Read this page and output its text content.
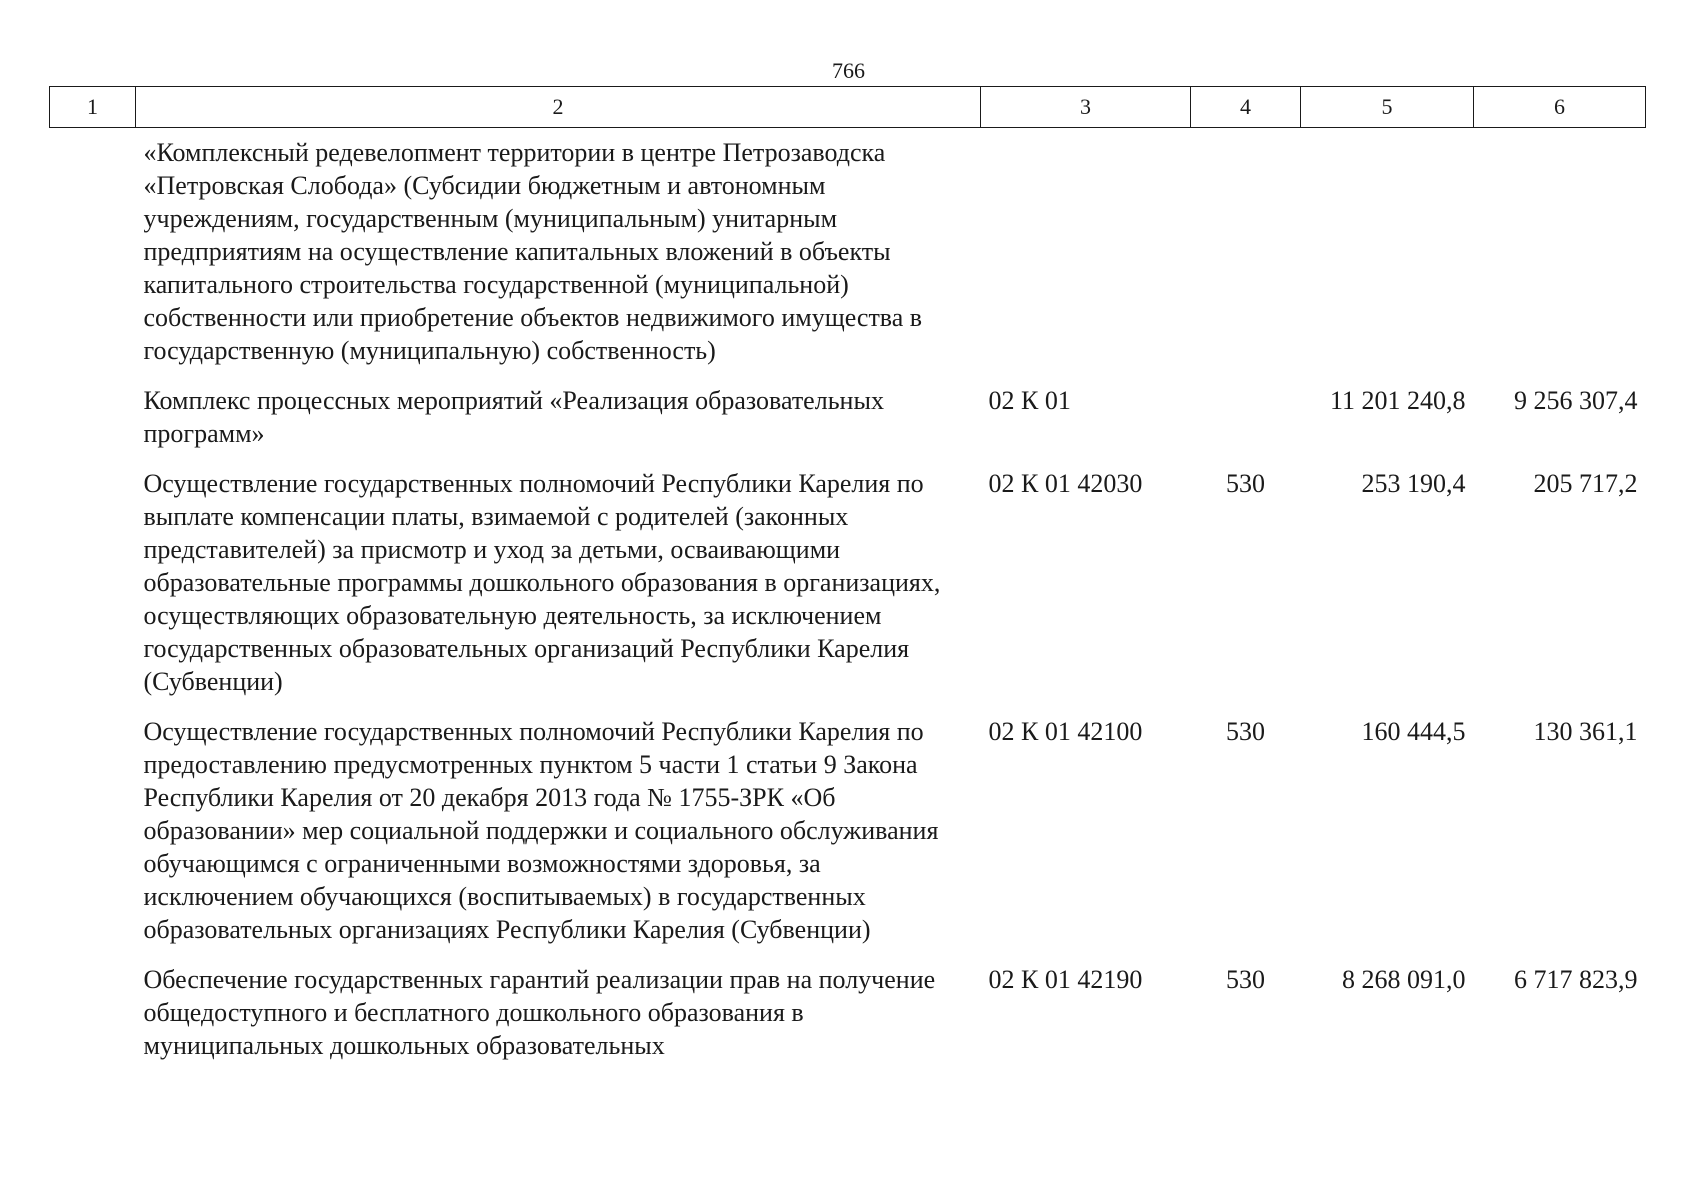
766
1	2	3	4	5	6
	«Комплексный редевелопмент территории в центре Петрозаводска «Петровская Слобода» (Субсидии бюджетным и автономным учреждениям, государственным (муниципальным) унитарным предприятиям на осуществление капитальных вложений в объекты капитального строительства государственной (муниципальной) собственности или приобретение объектов недвижимого имущества в государственную (муниципальную) собственность)				
	Комплекс процессных мероприятий «Реализация образовательных программ»	02 К 01		11 201 240,8	9 256 307,4
	Осуществление государственных полномочий Республики Карелия по выплате компенсации платы, взимаемой с родителей (законных представителей) за присмотр и уход за детьми, осваивающими образовательные программы дошкольного образования в организациях, осуществляющих образовательную деятельность, за исключением государственных образовательных организаций Республики Карелия (Субвенции)	02 К 01 42030	530	253 190,4	205 717,2
	Осуществление государственных полномочий Республики Карелия по предоставлению предусмотренных пунктом 5 части 1 статьи 9 Закона Республики Карелия от 20 декабря 2013 года № 1755-ЗРК «Об образовании» мер социальной поддержки и социального обслуживания обучающимся с ограниченными возможностями здоровья, за исключением обучающихся (воспитываемых) в государственных образовательных организациях Республики Карелия (Субвенции)	02 К 01 42100	530	160 444,5	130 361,1
	Обеспечение государственных гарантий реализации прав на получение общедоступного и бесплатного дошкольного образования в муниципальных дошкольных образовательных	02 К 01 42190	530	8 268 091,0	6 717 823,9
